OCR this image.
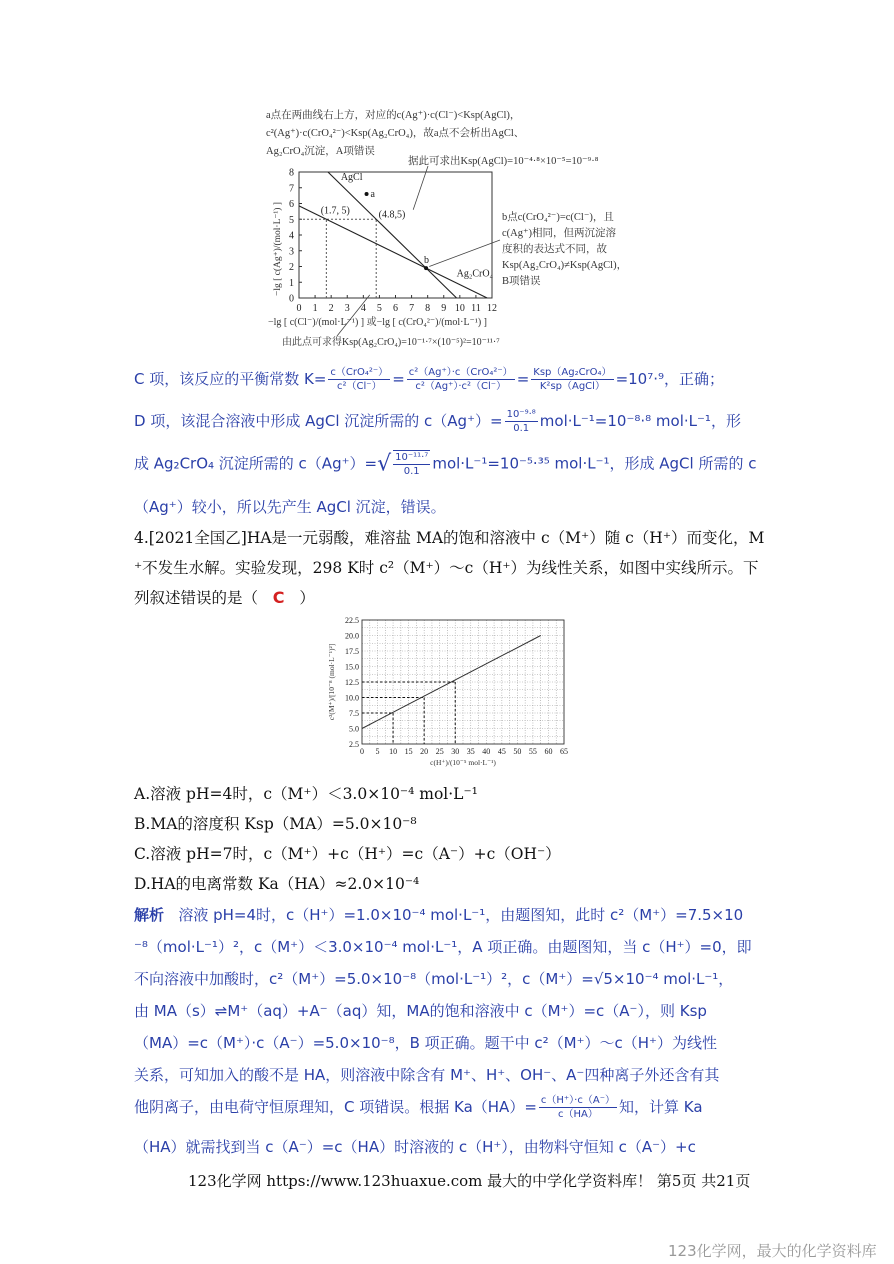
a点在两曲线右上方，对应的c(Ag⁺)·c(Cl⁻)<Ksp(AgCl)，
c²(Ag⁺)·c(CrO₄²⁻)<Ksp(Ag₂CrO₄)，故a点不会析出AgCl、
Ag₂CrO₄沉淀，A项错误
据此可求出Ksp(AgCl)=10⁻⁴·⁸×10⁻⁵=10⁻⁹·⁸
b点c(CrO₄²⁻)=c(Cl⁻)，且
c(Ag⁺)相同，但两沉淀溶
度积的表达式不同，故
Ksp(Ag₂CrO₄)≠Ksp(AgCl)，
B项错误
0 1 2 3 4 5 6 7 8 9 10 11 12
0
1
2
3
4
5
6
7
8
a
b
(1.7, 5)	(4.8,5)
AgCl
Ag₂CrO₄
−lg [ c(Ag⁺)/(mol·L⁻¹) ]
−lg [ c(Cl⁻)/(mol·L⁻¹) ] 或−lg [ c(CrO₄²⁻)/(mol·L⁻¹) ]
由此点可求得Ksp(Ag₂CrO₄)=10⁻¹·⁷×(10⁻⁵)²=10⁻¹¹·⁷
C 项，该反应的平衡常数 $K= \frac{\text{c（CrO₄²⁻）}}{\text{c²（Cl⁻）}} = \frac{\text{c²（Ag⁺）·c（CrO₄²⁻）}}{\text{c²（Ag⁺）·c²（Cl⁻）}} = \frac{\text{Ksp（Ag₂CrO₄）}}{\text{K²sp（AgCl）}} =10^7\cdot^9$，正确；
D 项，该混合溶液中形成 AgCl 沉淀所需的 $c(Ag^+)= \frac{\text{10⁻⁹·⁸}}{0.1} mol\cdot L^{-1}=10^{-8}\cdot^8$ mol·L⁻¹，形
成 Ag₂CrO₄ 沉淀所需的 $c(Ag^+)=√ \frac{\text{10⁻¹¹·⁷}}{0.1} mol\cdot L^{-1}=10^{-5}\cdot^{35}$ mol·L⁻¹，形成 AgCl 所需的 c
（Ag⁺）较小，所以先产生 AgCl 沉淀，错误。
4.[2021全国乙]HA是一元弱酸，难溶盐 MA的饱和溶液中 c（M⁺）随 c（H⁺）而变化，M
⁺不发生水解。实验发现，298 K时 c²（M⁺）～c（H⁺）为线性关系，如图中实线所示。下
列叙述错误的是（ C ）
0 5 10 15 20 25 30 35 40 45 50 55 60 65
2.5
5.0
7.5
10.0
12.5
15.0
17.5
20.0
22.5
c²(M⁺)/[10⁻⁸ (mol·L⁻¹)²]
c(H⁺)/(10⁻⁵ mol·L⁻¹)
A.溶液 pH=4时，c（M⁺）＜3.0×10⁻⁴ mol·L⁻¹
B.MA的溶度积 Ksp（MA）=5.0×10⁻⁸
C.溶液 pH=7时，c（M⁺）+c（H⁺）=c（A⁻）+c（OH⁻）
D.HA的电离常数 Ka（HA）≈2.0×10⁻⁴
解析 溶液 pH=4时，c（H⁺）=1.0×10⁻⁴ mol·L⁻¹，由题图知，此时 c²（M⁺）=7.5×10
⁻⁸（mol·L⁻¹）²，c（M⁺）＜3.0×10⁻⁴ mol·L⁻¹，A 项正确。由题图知，当 c（H⁺）=0，即
不向溶液中加酸时，c²（M⁺）=5.0×10⁻⁸（mol·L⁻¹）²，c（M⁺）=√5×10⁻⁴ mol·L⁻¹，
由 MA（s）⇌M⁺（aq）+A⁻（aq）知，MA的饱和溶液中 c（M⁺）=c（A⁻），则 Ksp
（MA）=c（M⁺）·c（A⁻）=5.0×10⁻⁸，B 项正确。题干中 c²（M⁺）～c（H⁺）为线性
关系，可知加入的酸不是 HA，则溶液中除含有 M⁺、H⁺、OH⁻、A⁻四种离子外还含有其
他阴离子，由电荷守恒原理知，C 项错误。根据 $Ka(HA)= \frac{c(H^+)\cdot c(A^-)}{c(HA)}$ 知，计算 Ka
（HA）就需找到当 c（A⁻）=c（HA）时溶液的 c（H⁺），由物料守恒知 c（A⁻）+c
123化学网 https://www.123huaxue.com 最大的中学化学资料库！ 第5页 共21页
123化学网，最大的化学资料库
